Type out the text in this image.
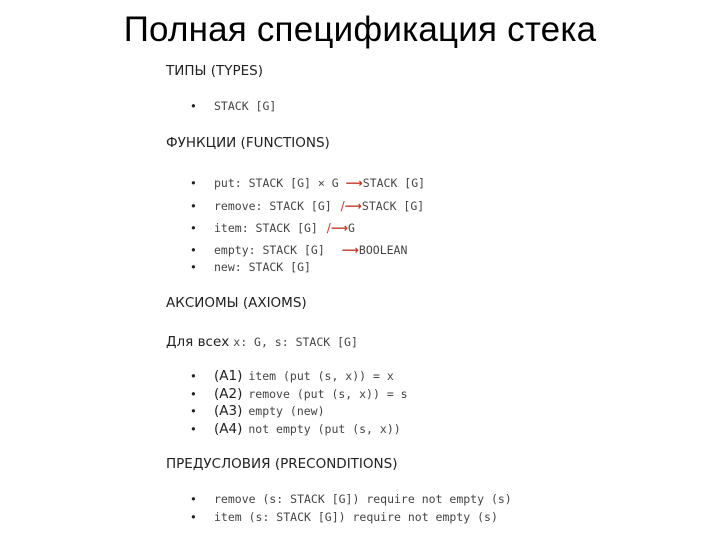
Полная спецификация стека
ТИПЫ (TYPES)
• STACK [G]
ФУНКЦИИ (FUNCTIONS)
• put: STACK [G] × G ⟶STACK [G]
• remove: STACK [G] /⟶STACK [G]
• item: STACK [G] /⟶G
• empty: STACK [G] ⟶BOOLEAN
• new: STACK [G]
АКСИОМЫ (AXIOMS)
Для всех x: G, s: STACK [G]
• (A1) item (put (s, x)) = x
• (A2) remove (put (s, x)) = s
• (A3) empty (new)
• (A4) not empty (put (s, x))
ПРЕДУСЛОВИЯ (PRECONDITIONS)
• remove (s: STACK [G]) require not empty (s)
• item (s: STACK [G]) require not empty (s)
